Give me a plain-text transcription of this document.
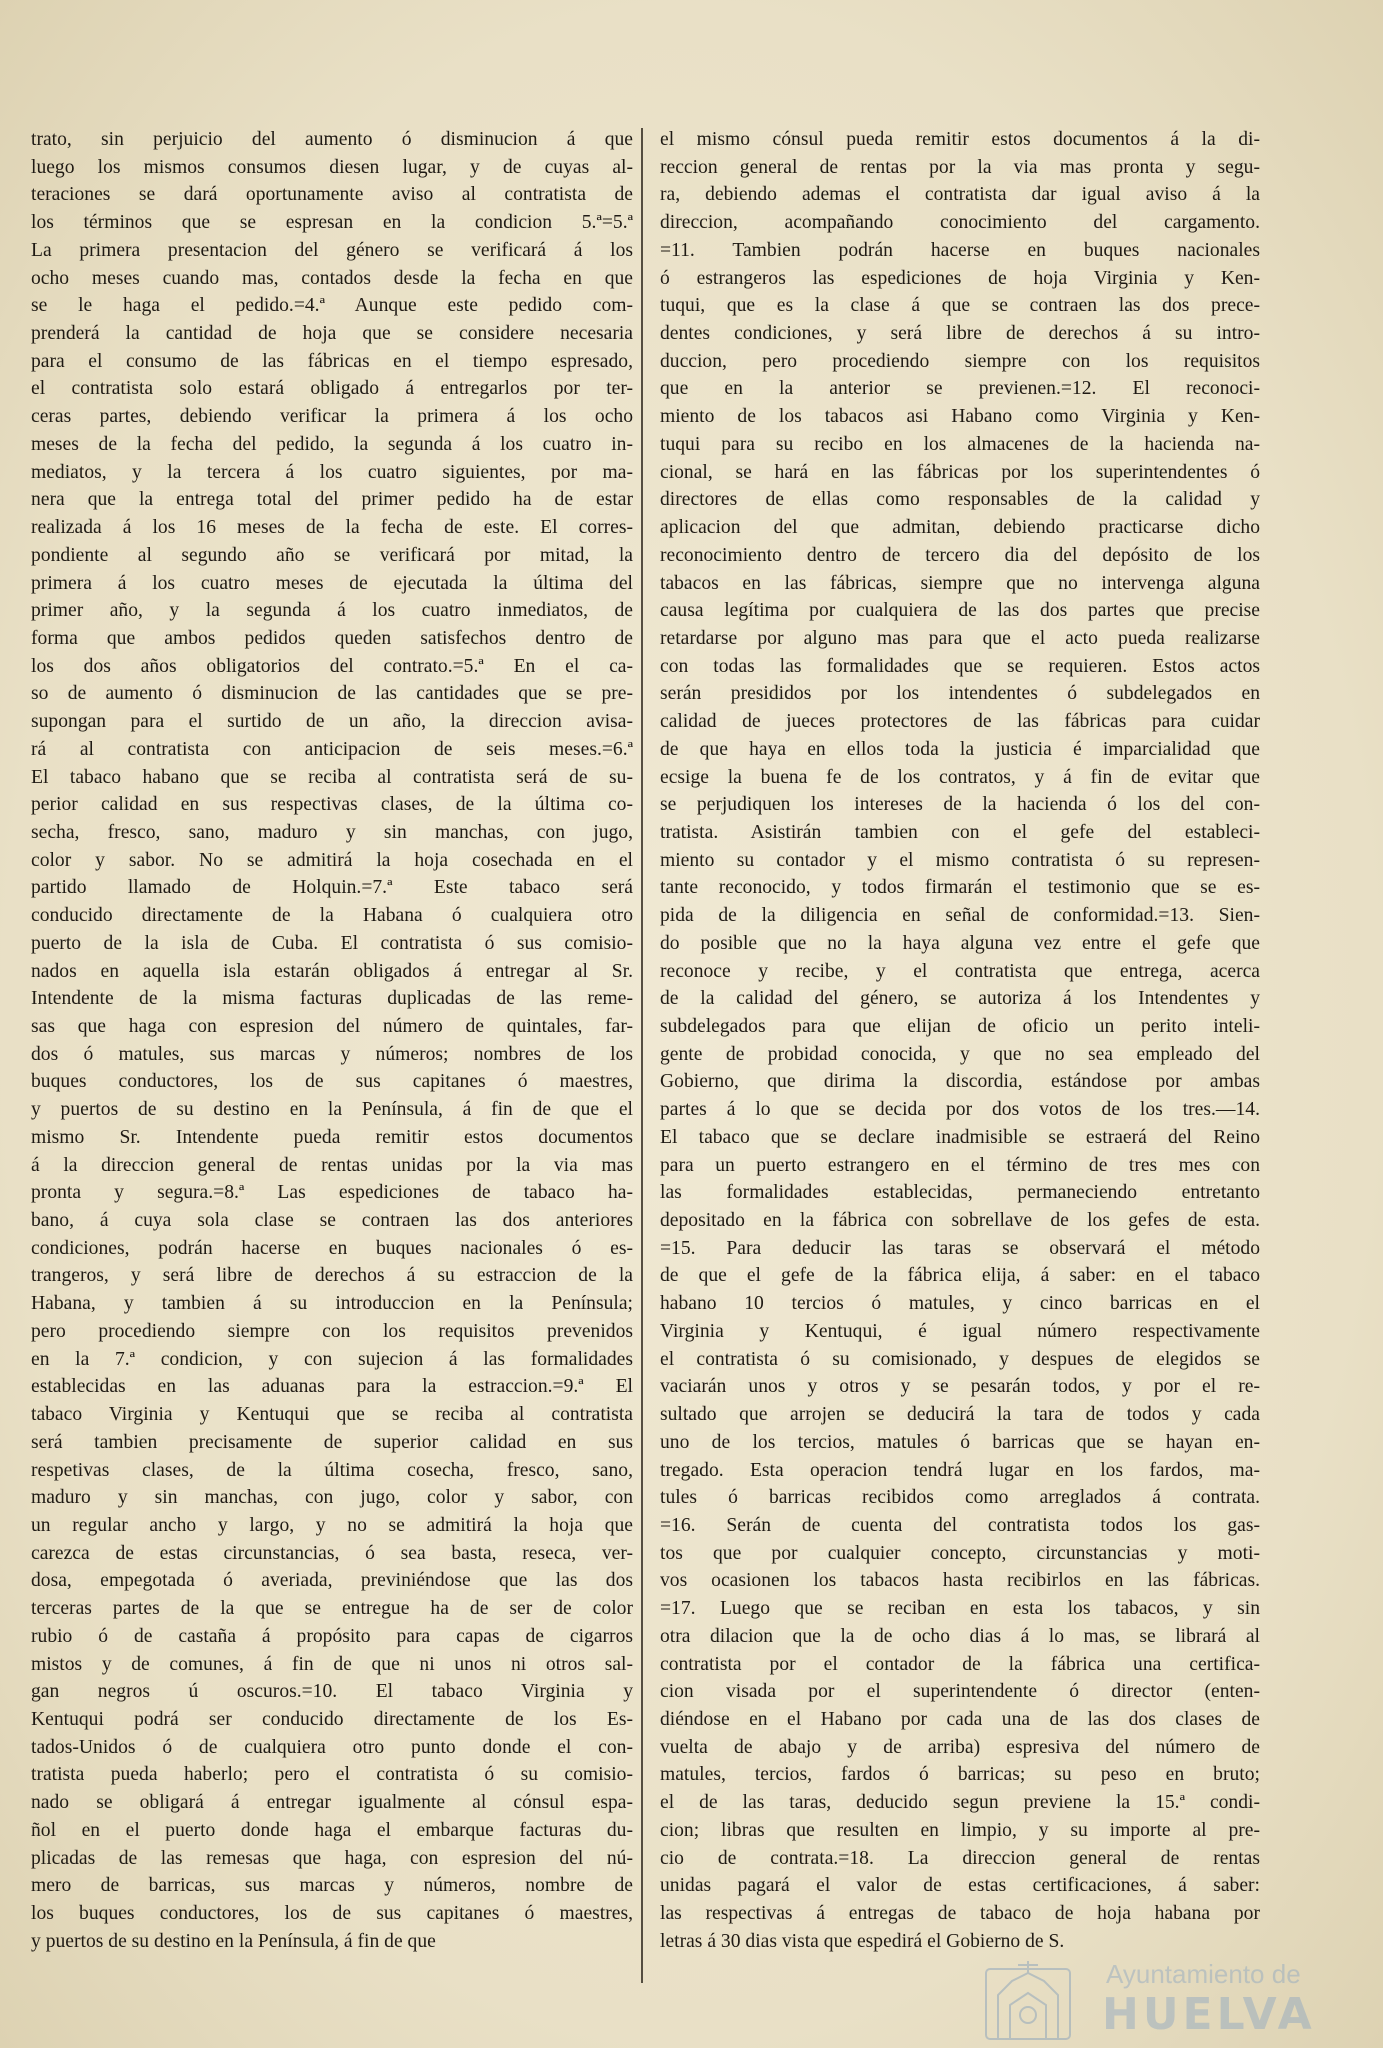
trato, sin perjuicio del aumento ó disminucion á que
luego los mismos consumos diesen lugar, y de cuyas al-
teraciones se dará oportunamente aviso al contratista de
los términos que se espresan en la condicion 5.ª=5.ª
La primera presentacion del género se verificará á los
ocho meses cuando mas, contados desde la fecha en que
se le haga el pedido.=4.ª Aunque este pedido com-
prenderá la cantidad de hoja que se considere necesaria
para el consumo de las fábricas en el tiempo espresado,
el contratista solo estará obligado á entregarlos por ter-
ceras partes, debiendo verificar la primera á los ocho
meses de la fecha del pedido, la segunda á los cuatro in-
mediatos, y la tercera á los cuatro siguientes, por ma-
nera que la entrega total del primer pedido ha de estar
realizada á los 16 meses de la fecha de este. El corres-
pondiente al segundo año se verificará por mitad, la
primera á los cuatro meses de ejecutada la última del
primer año, y la segunda á los cuatro inmediatos, de
forma que ambos pedidos queden satisfechos dentro de
los dos años obligatorios del contrato.=5.ª En el ca-
so de aumento ó disminucion de las cantidades que se pre-
supongan para el surtido de un año, la direccion avisa-
rá al contratista con anticipacion de seis meses.=6.ª
El tabaco habano que se reciba al contratista será de su-
perior calidad en sus respectivas clases, de la última co-
secha, fresco, sano, maduro y sin manchas, con jugo,
color y sabor. No se admitirá la hoja cosechada en el
partido llamado de Holquin.=7.ª Este tabaco será
conducido directamente de la Habana ó cualquiera otro
puerto de la isla de Cuba. El contratista ó sus comisio-
nados en aquella isla estarán obligados á entregar al Sr.
Intendente de la misma facturas duplicadas de las reme-
sas que haga con espresion del número de quintales, far-
dos ó matules, sus marcas y números; nombres de los
buques conductores, los de sus capitanes ó maestres,
y puertos de su destino en la Península, á fin de que el
mismo Sr. Intendente pueda remitir estos documentos
á la direccion general de rentas unidas por la via mas
pronta y segura.=8.ª Las espediciones de tabaco ha-
bano, á cuya sola clase se contraen las dos anteriores
condiciones, podrán hacerse en buques nacionales ó es-
trangeros, y será libre de derechos á su estraccion de la
Habana, y tambien á su introduccion en la Península;
pero procediendo siempre con los requisitos prevenidos
en la 7.ª condicion, y con sujecion á las formalidades
establecidas en las aduanas para la estraccion.=9.ª El
tabaco Virginia y Kentuqui que se reciba al contratista
será tambien precisamente de superior calidad en sus
respetivas clases, de la última cosecha, fresco, sano,
maduro y sin manchas, con jugo, color y sabor, con
un regular ancho y largo, y no se admitirá la hoja que
carezca de estas circunstancias, ó sea basta, reseca, ver-
dosa, empegotada ó averiada, previniéndose que las dos
terceras partes de la que se entregue ha de ser de color
rubio ó de castaña á propósito para capas de cigarros
mistos y de comunes, á fin de que ni unos ni otros sal-
gan negros ú oscuros.=10. El tabaco Virginia y
Kentuqui podrá ser conducido directamente de los Es-
tados-Unidos ó de cualquiera otro punto donde el con-
tratista pueda haberlo; pero el contratista ó su comisio-
nado se obligará á entregar igualmente al cónsul espa-
ñol en el puerto donde haga el embarque facturas du-
plicadas de las remesas que haga, con espresion del nú-
mero de barricas, sus marcas y números, nombre de
los buques conductores, los de sus capitanes ó maestres,
y puertos de su destino en la Península, á fin de que
el mismo cónsul pueda remitir estos documentos á la di-
reccion general de rentas por la via mas pronta y segu-
ra, debiendo ademas el contratista dar igual aviso á la
direccion, acompañando conocimiento del cargamento.
=11. Tambien podrán hacerse en buques nacionales
ó estrangeros las espediciones de hoja Virginia y Ken-
tuqui, que es la clase á que se contraen las dos prece-
dentes condiciones, y será libre de derechos á su intro-
duccion, pero procediendo siempre con los requisitos
que en la anterior se previenen.=12. El reconoci-
miento de los tabacos asi Habano como Virginia y Ken-
tuqui para su recibo en los almacenes de la hacienda na-
cional, se hará en las fábricas por los superintendentes ó
directores de ellas como responsables de la calidad y
aplicacion del que admitan, debiendo practicarse dicho
reconocimiento dentro de tercero dia del depósito de los
tabacos en las fábricas, siempre que no intervenga alguna
causa legítima por cualquiera de las dos partes que precise
retardarse por alguno mas para que el acto pueda realizarse
con todas las formalidades que se requieren. Estos actos
serán presididos por los intendentes ó subdelegados en
calidad de jueces protectores de las fábricas para cuidar
de que haya en ellos toda la justicia é imparcialidad que
ecsige la buena fe de los contratos, y á fin de evitar que
se perjudiquen los intereses de la hacienda ó los del con-
tratista. Asistirán tambien con el gefe del estableci-
miento su contador y el mismo contratista ó su represen-
tante reconocido, y todos firmarán el testimonio que se es-
pida de la diligencia en señal de conformidad.=13. Sien-
do posible que no la haya alguna vez entre el gefe que
reconoce y recibe, y el contratista que entrega, acerca
de la calidad del género, se autoriza á los Intendentes y
subdelegados para que elijan de oficio un perito inteli-
gente de probidad conocida, y que no sea empleado del
Gobierno, que dirima la discordia, estándose por ambas
partes á lo que se decida por dos votos de los tres.—14.
El tabaco que se declare inadmisible se estraerá del Reino
para un puerto estrangero en el término de tres mes con
las formalidades establecidas, permaneciendo entretanto
depositado en la fábrica con sobrellave de los gefes de esta.
=15. Para deducir las taras se observará el método
de que el gefe de la fábrica elija, á saber: en el tabaco
habano 10 tercios ó matules, y cinco barricas en el
Virginia y Kentuqui, é igual número respectivamente
el contratista ó su comisionado, y despues de elegidos se
vaciarán unos y otros y se pesarán todos, y por el re-
sultado que arrojen se deducirá la tara de todos y cada
uno de los tercios, matules ó barricas que se hayan en-
tregado. Esta operacion tendrá lugar en los fardos, ma-
tules ó barricas recibidos como arreglados á contrata.
=16. Serán de cuenta del contratista todos los gas-
tos que por cualquier concepto, circunstancias y moti-
vos ocasionen los tabacos hasta recibirlos en las fábricas.
=17. Luego que se reciban en esta los tabacos, y sin
otra dilacion que la de ocho dias á lo mas, se librará al
contratista por el contador de la fábrica una certifica-
cion visada por el superintendente ó director (enten-
diéndose en el Habano por cada una de las dos clases de
vuelta de abajo y de arriba) espresiva del número de
matules, tercios, fardos ó barricas; su peso en bruto;
el de las taras, deducido segun previene la 15.ª condi-
cion; libras que resulten en limpio, y su importe al pre-
cio de contrata.=18. La direccion general de rentas
unidas pagará el valor de estas certificaciones, á saber:
las respectivas á entregas de tabaco de hoja habana por
letras á 30 dias vista que espedirá el Gobierno de S.
Ayuntamiento de
HUELVA
